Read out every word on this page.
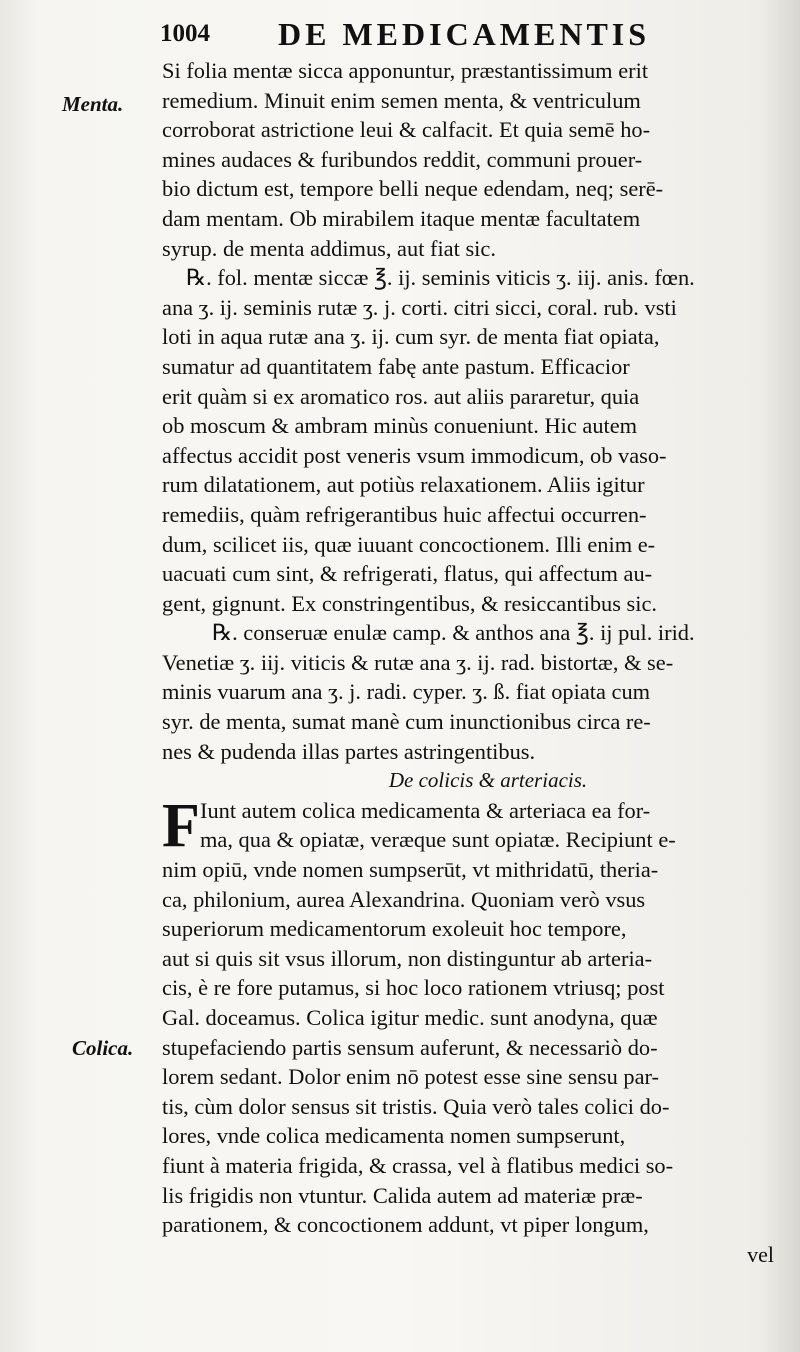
1004 DE MEDICAMENTIS
Menta.
Colica.
Si folia mentæ sicca apponuntur, præstantissimum erit
remedium. Minuit enim semen menta, & ventriculum
corroborat astrictione leui & calfacit. Et quia semē ho-
mines audaces & furibundos reddit, communi prouer-
bio dictum est, tempore belli neque edendam, neq; serē-
dam mentam. Ob mirabilem itaque mentæ facultatem
syrup. de menta addimus, aut fiat sic.
℞. fol. mentæ siccæ ℥. ij. seminis viticis ʒ. iij. anis. fœn.
ana ʒ. ij. seminis rutæ ʒ. j. corti. citri sicci, coral. rub. vsti
loti in aqua rutæ ana ʒ. ij. cum syr. de menta fiat opiata,
sumatur ad quantitatem fabę ante pastum. Efficacior
erit quàm si ex aromatico ros. aut aliis pararetur, quia
ob moscum & ambram minùs conueniunt. Hic autem
affectus accidit post veneris vsum immodicum, ob vaso-
rum dilatationem, aut potiùs relaxationem. Aliis igitur
remediis, quàm refrigerantibus huic affectui occurren-
dum, scilicet iis, quæ iuuant concoctionem. Illi enim e-
uacuati cum sint, & refrigerati, flatus, qui affectum au-
gent, gignunt. Ex constringentibus, & resiccantibus sic.
℞. conseruæ enulæ camp. & anthos ana ℥. ij pul. irid.
Venetiæ ʒ. iij. viticis & rutæ ana ʒ. ij. rad. bistortæ, & se-
minis vuarum ana ʒ. j. radi. cyper. ʒ. ß. fiat opiata cum
syr. de menta, sumat manè cum inunctionibus circa re-
nes & pudenda illas partes astringentibus.
De colicis & arteriacis.
F Iunt autem colica medicamenta & arteriaca ea for-
ma, qua & opiatæ, veræque sunt opiatæ. Recipiunt e-
nim opiū, vnde nomen sumpserūt, vt mithridatū, theria-
ca, philonium, aurea Alexandrina. Quoniam verò vsus
superiorum medicamentorum exoleuit hoc tempore,
aut si quis sit vsus illorum, non distinguntur ab arteria-
cis, è re fore putamus, si hoc loco rationem vtriusq; post
Gal. doceamus. Colica igitur medic. sunt anodyna, quæ
stupefaciendo partis sensum auferunt, & necessariò do-
lorem sedant. Dolor enim nō potest esse sine sensu par-
tis, cùm dolor sensus sit tristis. Quia verò tales colici do-
lores, vnde colica medicamenta nomen sumpserunt,
fiunt à materia frigida, & crassa, vel à flatibus medici so-
lis frigidis non vtuntur. Calida autem ad materiæ præ-
parationem, & concoctionem addunt, vt piper longum,
vel
